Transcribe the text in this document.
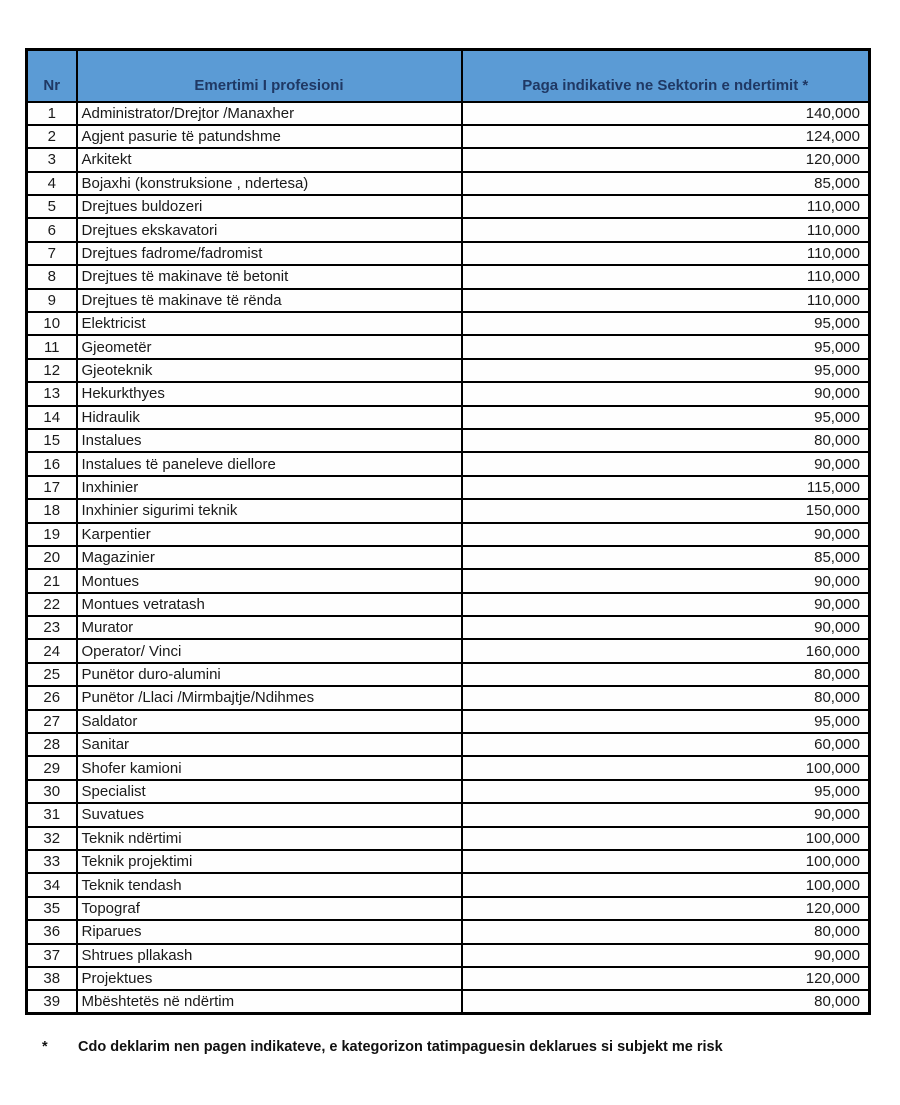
Nr	Emertimi I profesioni	Paga indikative ne Sektorin e ndertimit *
1	Administrator/Drejtor /Manaxher	140,000
2	Agjent pasurie të patundshme	124,000
3	Arkitekt	120,000
4	Bojaxhi (konstruksione , ndertesa)	85,000
5	Drejtues buldozeri	110,000
6	Drejtues ekskavatori	110,000
7	Drejtues fadrome/fadromist	110,000
8	Drejtues të makinave të betonit	110,000
9	Drejtues të makinave të rënda	110,000
10	Elektricist	95,000
11	Gjeometër	95,000
12	Gjeoteknik	95,000
13	Hekurkthyes	90,000
14	Hidraulik	95,000
15	Instalues	80,000
16	Instalues të paneleve diellore	90,000
17	Inxhinier	115,000
18	Inxhinier sigurimi teknik	150,000
19	Karpentier	90,000
20	Magazinier	85,000
21	Montues	90,000
22	Montues vetratash	90,000
23	Murator	90,000
24	Operator/ Vinci	160,000
25	Punëtor duro-alumini	80,000
26	Punëtor /Llaci /Mirmbajtje/Ndihmes	80,000
27	Saldator	95,000
28	Sanitar	60,000
29	Shofer kamioni	100,000
30	Specialist	95,000
31	Suvatues	90,000
32	Teknik ndërtimi	100,000
33	Teknik projektimi	100,000
34	Teknik tendash	100,000
35	Topograf	120,000
36	Riparues	80,000
37	Shtrues pllakash	90,000
38	Projektues	120,000
39	Mbështetës në ndërtim	80,000
*	Cdo deklarim nen pagen indikateve, e kategorizon tatimpaguesin deklarues si subjekt me risk
